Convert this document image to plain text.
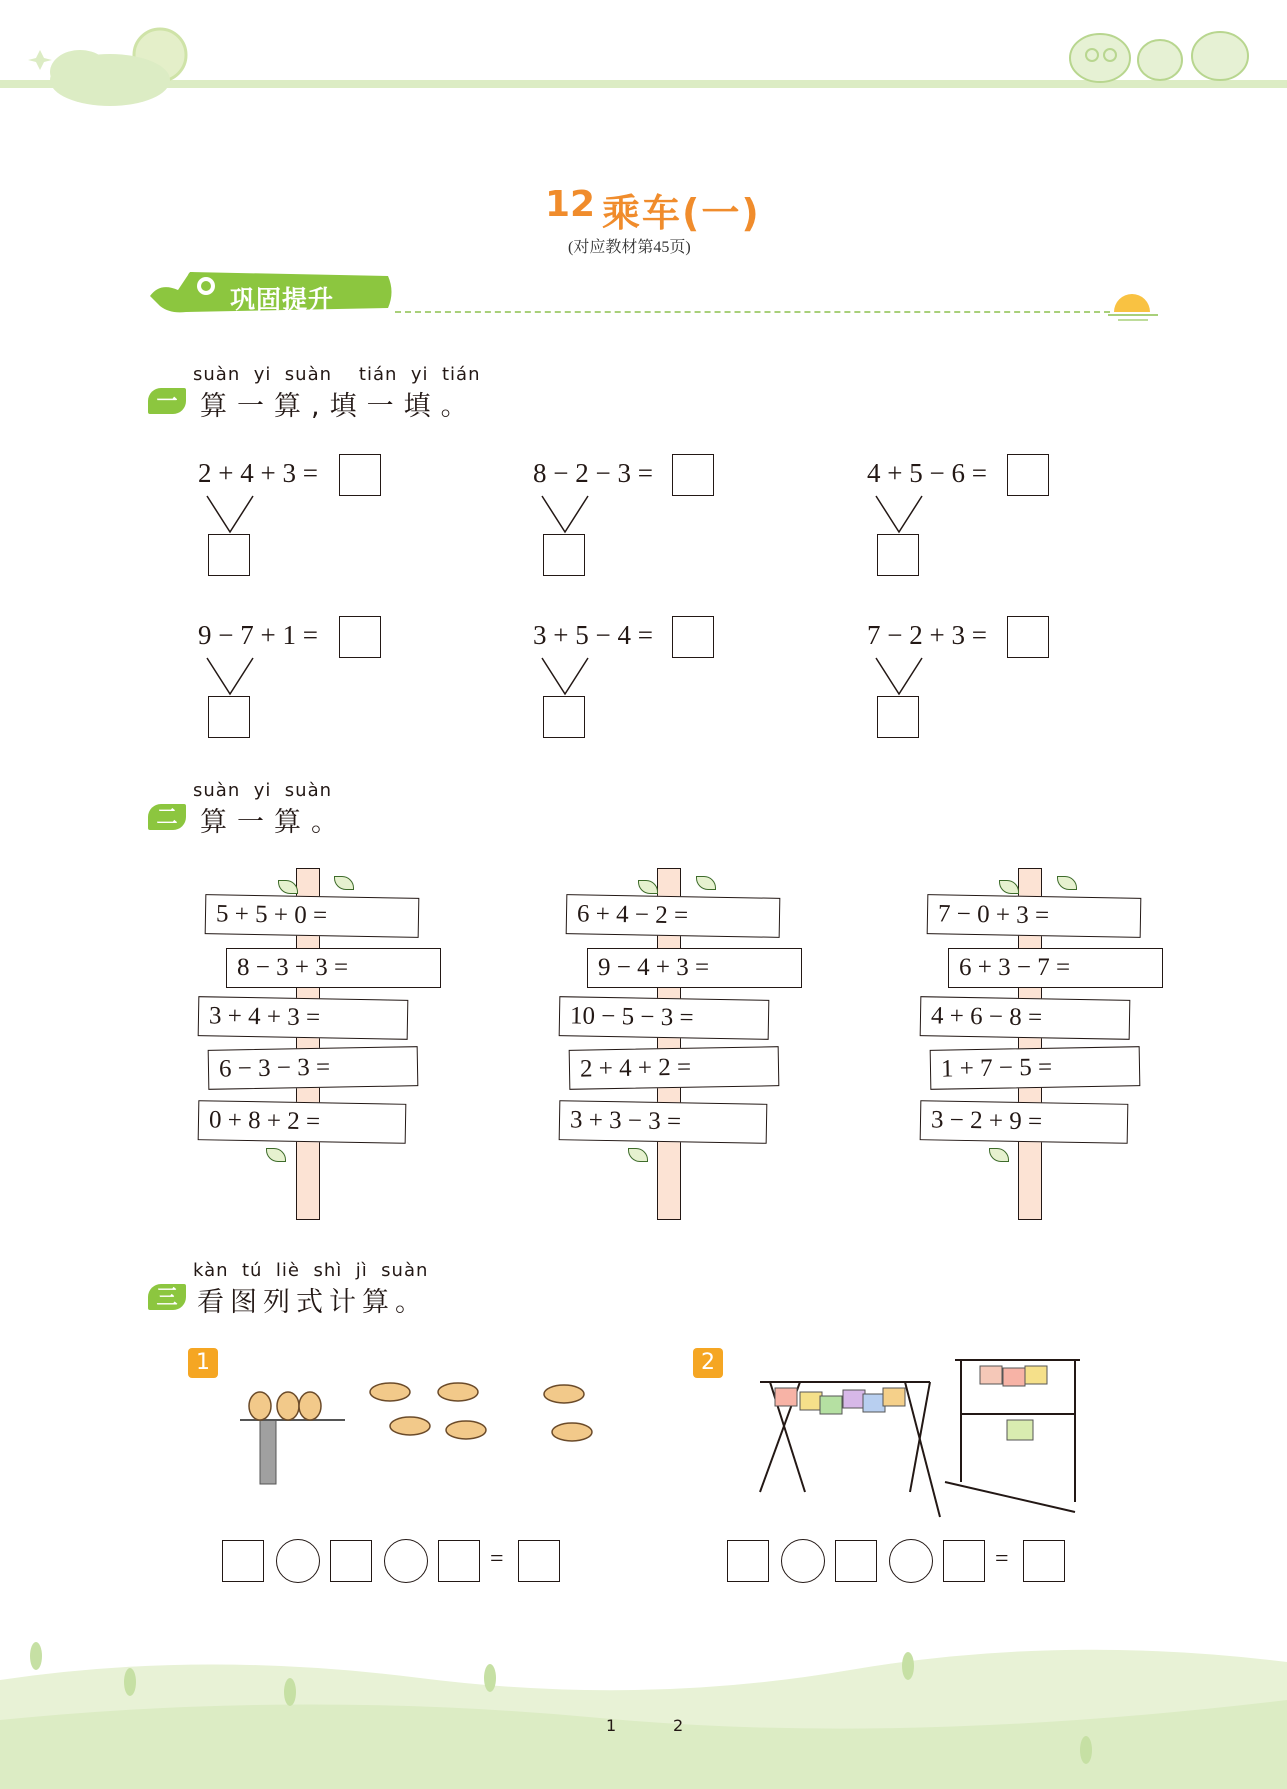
12 乘车(一)
(对应教材第45页)
巩固提升
suàn yi suàn tián yi tián
一 算一算,填一填。
2 + 4 + 3 =	8 − 2 − 3 =	4 + 5 − 6 =
9 − 7 + 1 =	3 + 5 − 4 =	7 − 2 + 3 =
suàn yi suàn
二 算一算。
5 + 5 + 0 =
8 − 3 + 3 =
3 + 4 + 3 =
6 − 3 − 3 =
0 + 8 + 2 =
6 + 4 − 2 =
9 − 4 + 3 =
10 − 5 − 3 =
2 + 4 + 2 =
3 + 3 − 3 =
7 − 0 + 3 =
6 + 3 − 7 =
4 + 6 − 8 =
1 + 7 − 5 =
3 − 2 + 9 =
kàn tú liè shì jì suàn
三 看图列式计算。
1
=
2
=
1	2
